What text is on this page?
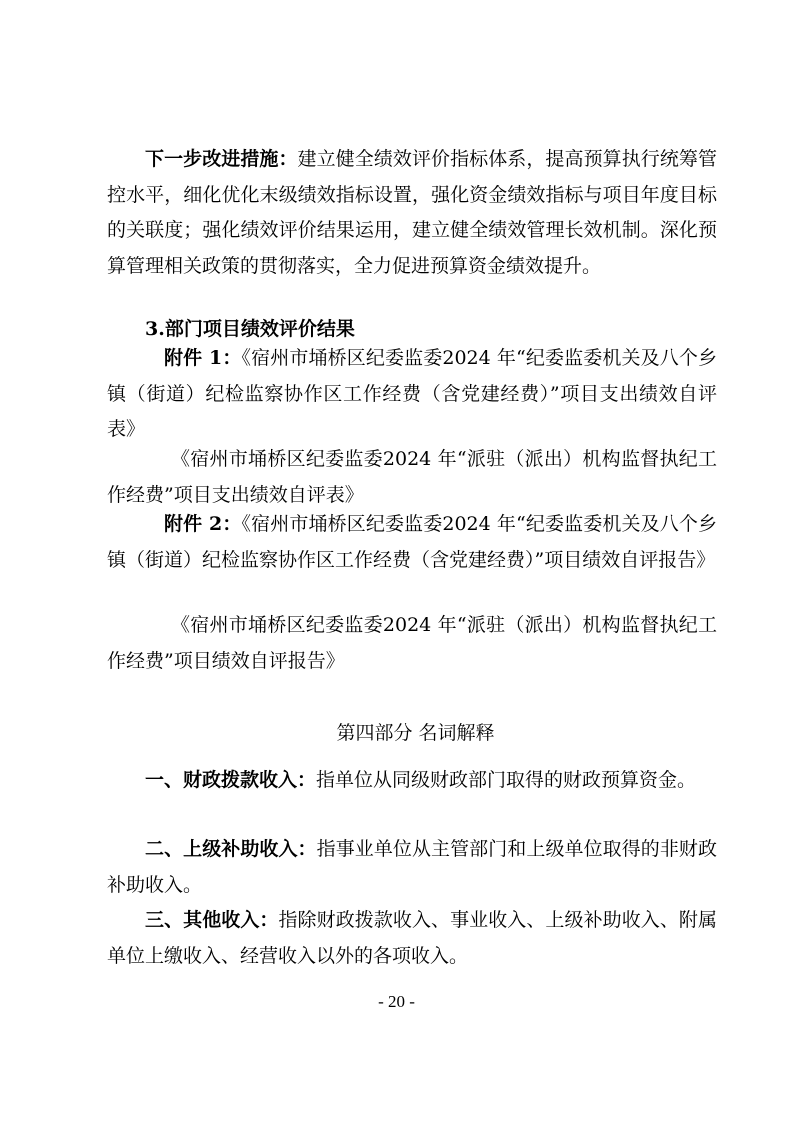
下一步改进措施：建立健全绩效评价指标体系，提高预算执行统筹管控水平，细化优化末级绩效指标设置，强化资金绩效指标与项目年度目标的关联度；强化绩效评价结果运用，建立健全绩效管理长效机制。深化预算管理相关政策的贯彻落实，全力促进预算资金绩效提升。

3.部门项目绩效评价结果

附件 1：《宿州市埇桥区纪委监委2024 年“纪委监委机关及八个乡镇（街道）纪检监察协作区工作经费（含党建经费）”项目支出绩效自评表》

《宿州市埇桥区纪委监委2024 年“派驻（派出）机构监督执纪工作经费”项目支出绩效自评表》

附件 2：《宿州市埇桥区纪委监委2024 年“纪委监委机关及八个乡镇（街道）纪检监察协作区工作经费（含党建经费）”项目绩效自评报告》

《宿州市埇桥区纪委监委2024 年“派驻（派出）机构监督执纪工作经费”项目绩效自评报告》

第四部分 名词解释

一、财政拨款收入：指单位从同级财政部门取得的财政预算资金。

二、上级补助收入：指事业单位从主管部门和上级单位取得的非财政补助收入。

三、其他收入：指除财政拨款收入、事业收入、上级补助收入、附属单位上缴收入、经营收入以外的各项收入。

- 20 -
